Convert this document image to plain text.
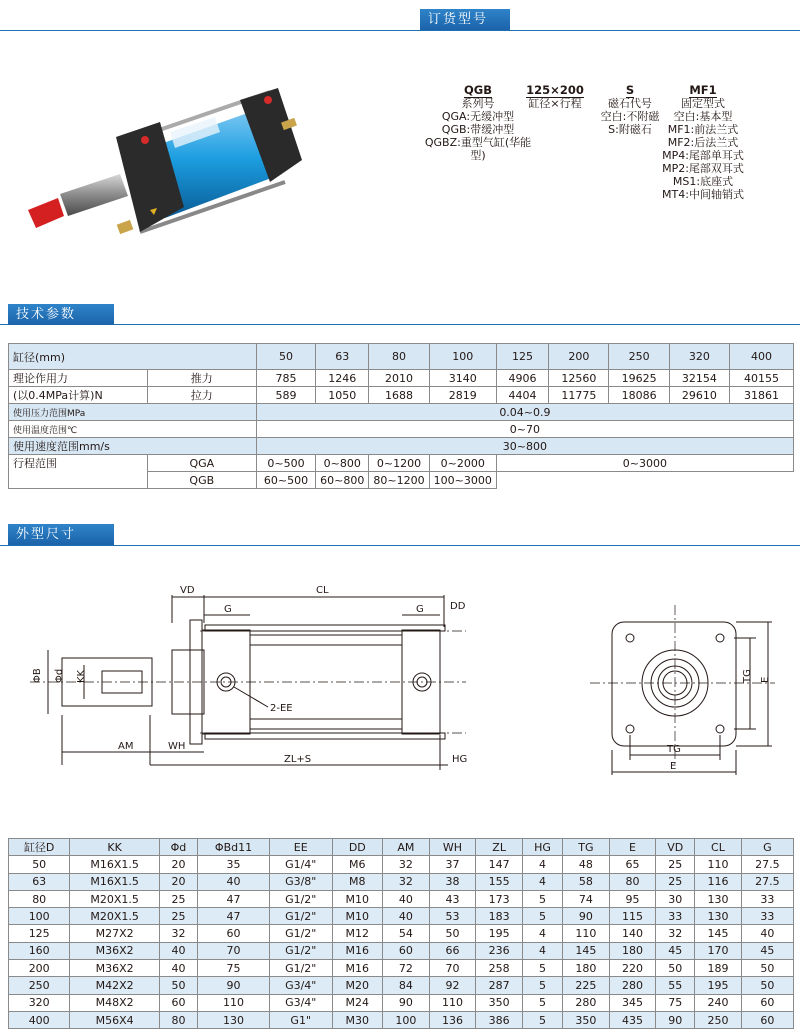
订货型号
QGB
系列号
QGA:无缓冲型
QGB:带缓冲型
QGBZ:重型气缸(华能型)
125×200
缸径×行程
S
磁石代号
空白:不附磁
S:附磁石
MF1
固定型式
空白:基本型
MF1:前法兰式
MF2:后法兰式
MP4:尾部单耳式
MP2:尾部双耳式
MS1:底座式
MT4:中间轴销式
技术参数
缸径(mm)		50	63	80	100	125	200	250	320	400
理论作用力	推力	785	1246	2010	3140	4906	12560	19625	32154	40155
(以0.4MPa计算)N	拉力	589	1050	1688	2819	4404	11775	18086	29610	31861
使用压力范围MPa		0.04~0.9								
使用温度范围℃		0~70								
使用速度范围mm/s		30~800								
行程范围	QGA	0~500	0~800	0~1200	0~2000	0~3000				
	QGB	60~500	60~800	80~1200	100~3000					
外型尺寸
VD	CL
G	G	DD
ΦB Φd KK
2-EE
AM	WH
ZL+S	HG
TG E
TG
E
缸径D	KK	Φd	ΦBd11	EE	DD	AM	WH	ZL	HG	TG	E	VD	CL	G
50	M16X1.5	20	35	G1/4"	M6	32	37	147	4	48	65	25	110	27.5
63	M16X1.5	20	40	G3/8"	M8	32	38	155	4	58	80	25	116	27.5
80	M20X1.5	25	47	G1/2"	M10	40	43	173	5	74	95	30	130	33
100	M20X1.5	25	47	G1/2"	M10	40	53	183	5	90	115	33	130	33
125	M27X2	32	60	G1/2"	M12	54	50	195	4	110	140	32	145	40
160	M36X2	40	70	G1/2"	M16	60	66	236	4	145	180	45	170	45
200	M36X2	40	75	G1/2"	M16	72	70	258	5	180	220	50	189	50
250	M42X2	50	90	G3/4"	M20	84	92	287	5	225	280	55	195	50
320	M48X2	60	110	G3/4"	M24	90	110	350	5	280	345	75	240	60
400	M56X4	80	130	G1"	M30	100	136	386	5	350	435	90	250	60
